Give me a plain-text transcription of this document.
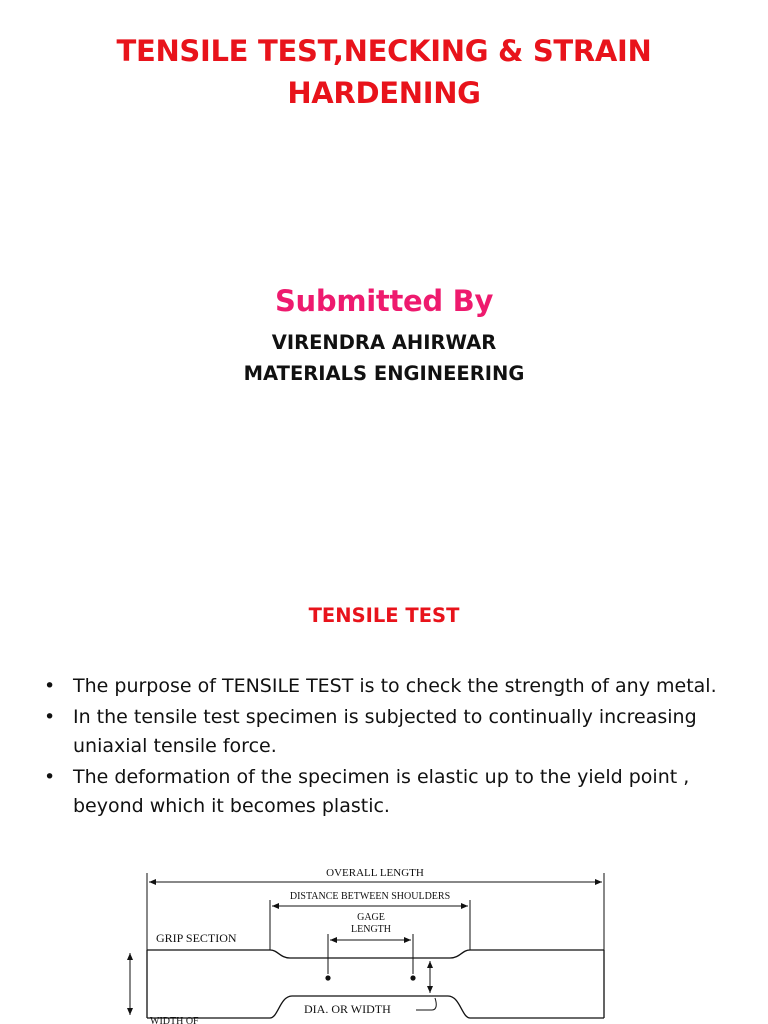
TENSILE TEST,NECKING & STRAIN
HARDENING
Submitted By
VIRENDRA AHIRWAR
MATERIALS ENGINEERING
TENSILE TEST
• The purpose of TENSILE TEST is to check the strength of any metal.
• In the tensile test specimen is subjected to continually increasing uniaxial tensile force.
• The deformation of the specimen is elastic up to the yield point , beyond which it becomes plastic.
OVERALL LENGTH
DISTANCE BETWEEN SHOULDERS
GAGE
LENGTH
GRIP SECTION
DIA. OR WIDTH
WIDTH OF
